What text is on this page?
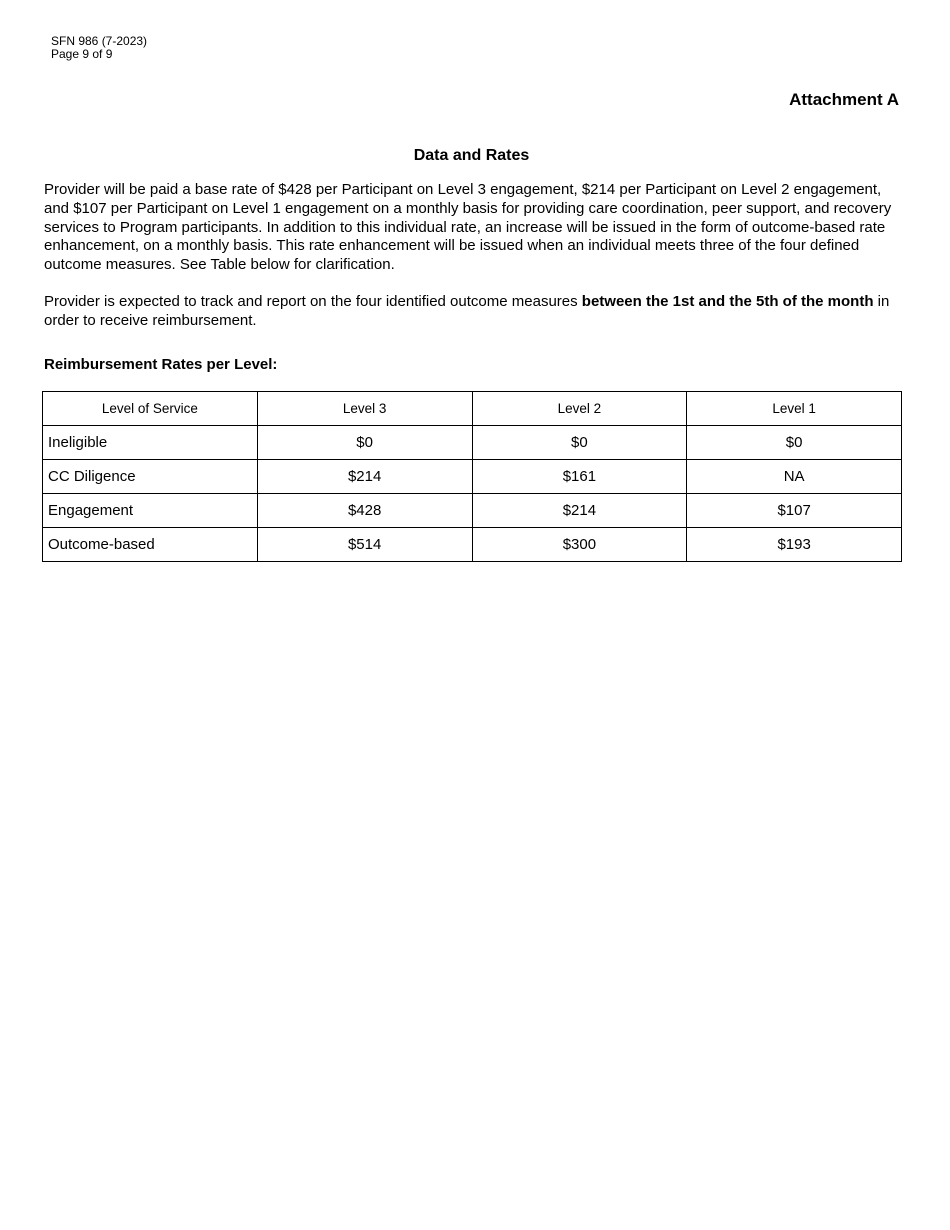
SFN 986 (7-2023)
Page 9 of 9
Attachment A
Data and Rates

Provider will be paid a base rate of $428 per Participant on Level 3 engagement, $214 per Participant on Level 2 engagement, and $107 per Participant on Level 1 engagement on a monthly basis for providing care coordination, peer support, and recovery services to Program participants. In addition to this individual rate, an increase will be issued in the form of outcome-based rate enhancement, on a monthly basis. This rate enhancement will be issued when an individual meets three of the four defined outcome measures. See Table below for clarification.

Provider is expected to track and report on the four identified outcome measures between the 1st and the 5th of the month in order to receive reimbursement.

Reimbursement Rates per Level:
Level of Service	Level 3	Level 2	Level 1
Ineligible	$0	$0	$0
CC Diligence	$214	$161	NA
Engagement	$428	$214	$107
Outcome-based	$514	$300	$193
